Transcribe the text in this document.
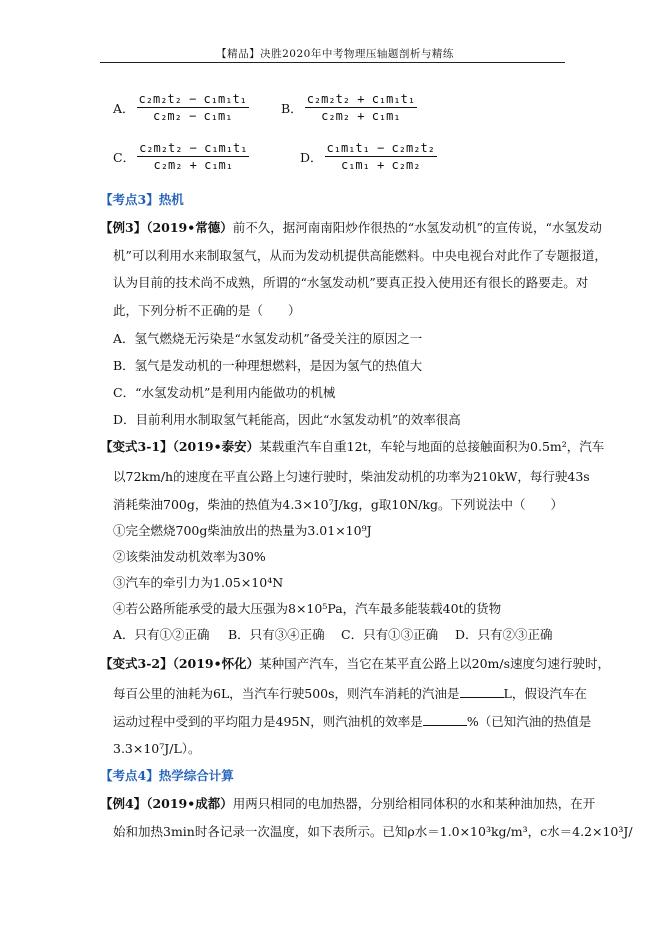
【精品】决胜2020年中考物理压轴题剖析与精练
A． $\frac{\text{c₂m₂t₂ − c₁m₁t₁}}{\text{c₂m₂ − c₁m₁}}$	B． $\frac{\text{c₂m₂t₂ + c₁m₁t₁}}{\text{c₂m₂ + c₁m₁}}$
C． $\frac{\text{c₂m₂t₂ − c₁m₁t₁}}{\text{c₂m₂ + c₁m₁}}$	D． $\frac{\text{c₁m₁t₁ − c₂m₂t₂}}{\text{c₁m₁ + c₂m₂}}$
【考点3】热机
【例3】（2019•常德）前不久，据河南南阳炒作很热的“水氢发动机”的宣传说，“水氢发动
机”可以利用水来制取氢气，从而为发动机提供高能燃料。中央电视台对此作了专题报道，
认为目前的技术尚不成熟，所谓的“水氢发动机”要真正投入使用还有很长的路要走。对
此，下列分析不正确的是（　　）
A．氢气燃烧无污染是“水氢发动机”备受关注的原因之一
B．氢气是发动机的一种理想燃料，是因为氢气的热值大
C．“水氢发动机”是利用内能做功的机械
D．目前利用水制取氢气耗能高，因此“水氢发动机”的效率很高
【变式3-1】（2019•泰安）某载重汽车自重12t，车轮与地面的总接触面积为0.5m²，汽车
以72km/h的速度在平直公路上匀速行驶时，柴油发动机的功率为210kW，每行驶43s
消耗柴油700g，柴油的热值为4.3×10⁷J/kg，g取10N/kg。下列说法中（　　）
①完全燃烧700g柴油放出的热量为3.01×10⁹J
②该柴油发动机效率为30%
③汽车的牵引力为1.05×10⁴N
④若公路所能承受的最大压强为8×10⁵Pa，汽车最多能装载40t的货物
A．只有①②正确 B．只有③④正确 C．只有①③正确 D．只有②③正确
【变式3-2】（2019•怀化）某种国产汽车，当它在某平直公路上以20m/s速度匀速行驶时，
每百公里的油耗为6L，当汽车行驶500s，则汽车消耗的汽油是	L，假设汽车在
运动过程中受到的平均阻力是495N，则汽油机的效率是	%（已知汽油的热值是
3.3×10⁷J/L）。
【考点4】热学综合计算
【例4】（2019•成都）用两只相同的电加热器，分别给相同体积的水和某种油加热，在开
始和加热3min时各记录一次温度，如下表所示。已知ρ水＝1.0×10³kg/m³，c水＝4.2×10³J/
